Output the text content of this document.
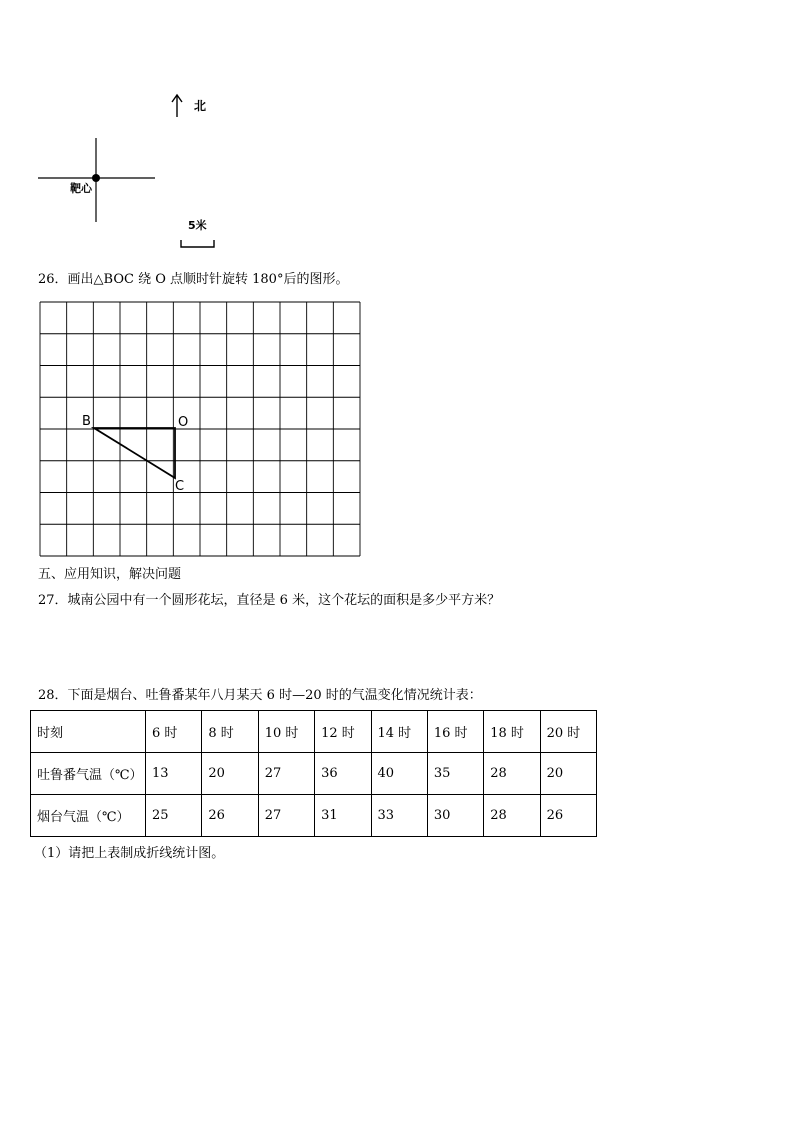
北
靶心
5米
26．画出△BOC 绕 O 点顺时针旋转 180°后的图形。
B	O
C
五、应用知识，解决问题
27．城南公园中有一个圆形花坛，直径是 6 米，这个花坛的面积是多少平方米？
28．下面是烟台、吐鲁番某年八月某天 6 时—20 时的气温变化情况统计表：
时刻	6 时	8 时	10 时	12 时	14 时	16 时	18 时	20 时
吐鲁番气温（℃）	13	20	27	36	40	35	28	20
烟台气温（℃）	25	26	27	31	33	30	28	26
（1）请把上表制成折线统计图。
